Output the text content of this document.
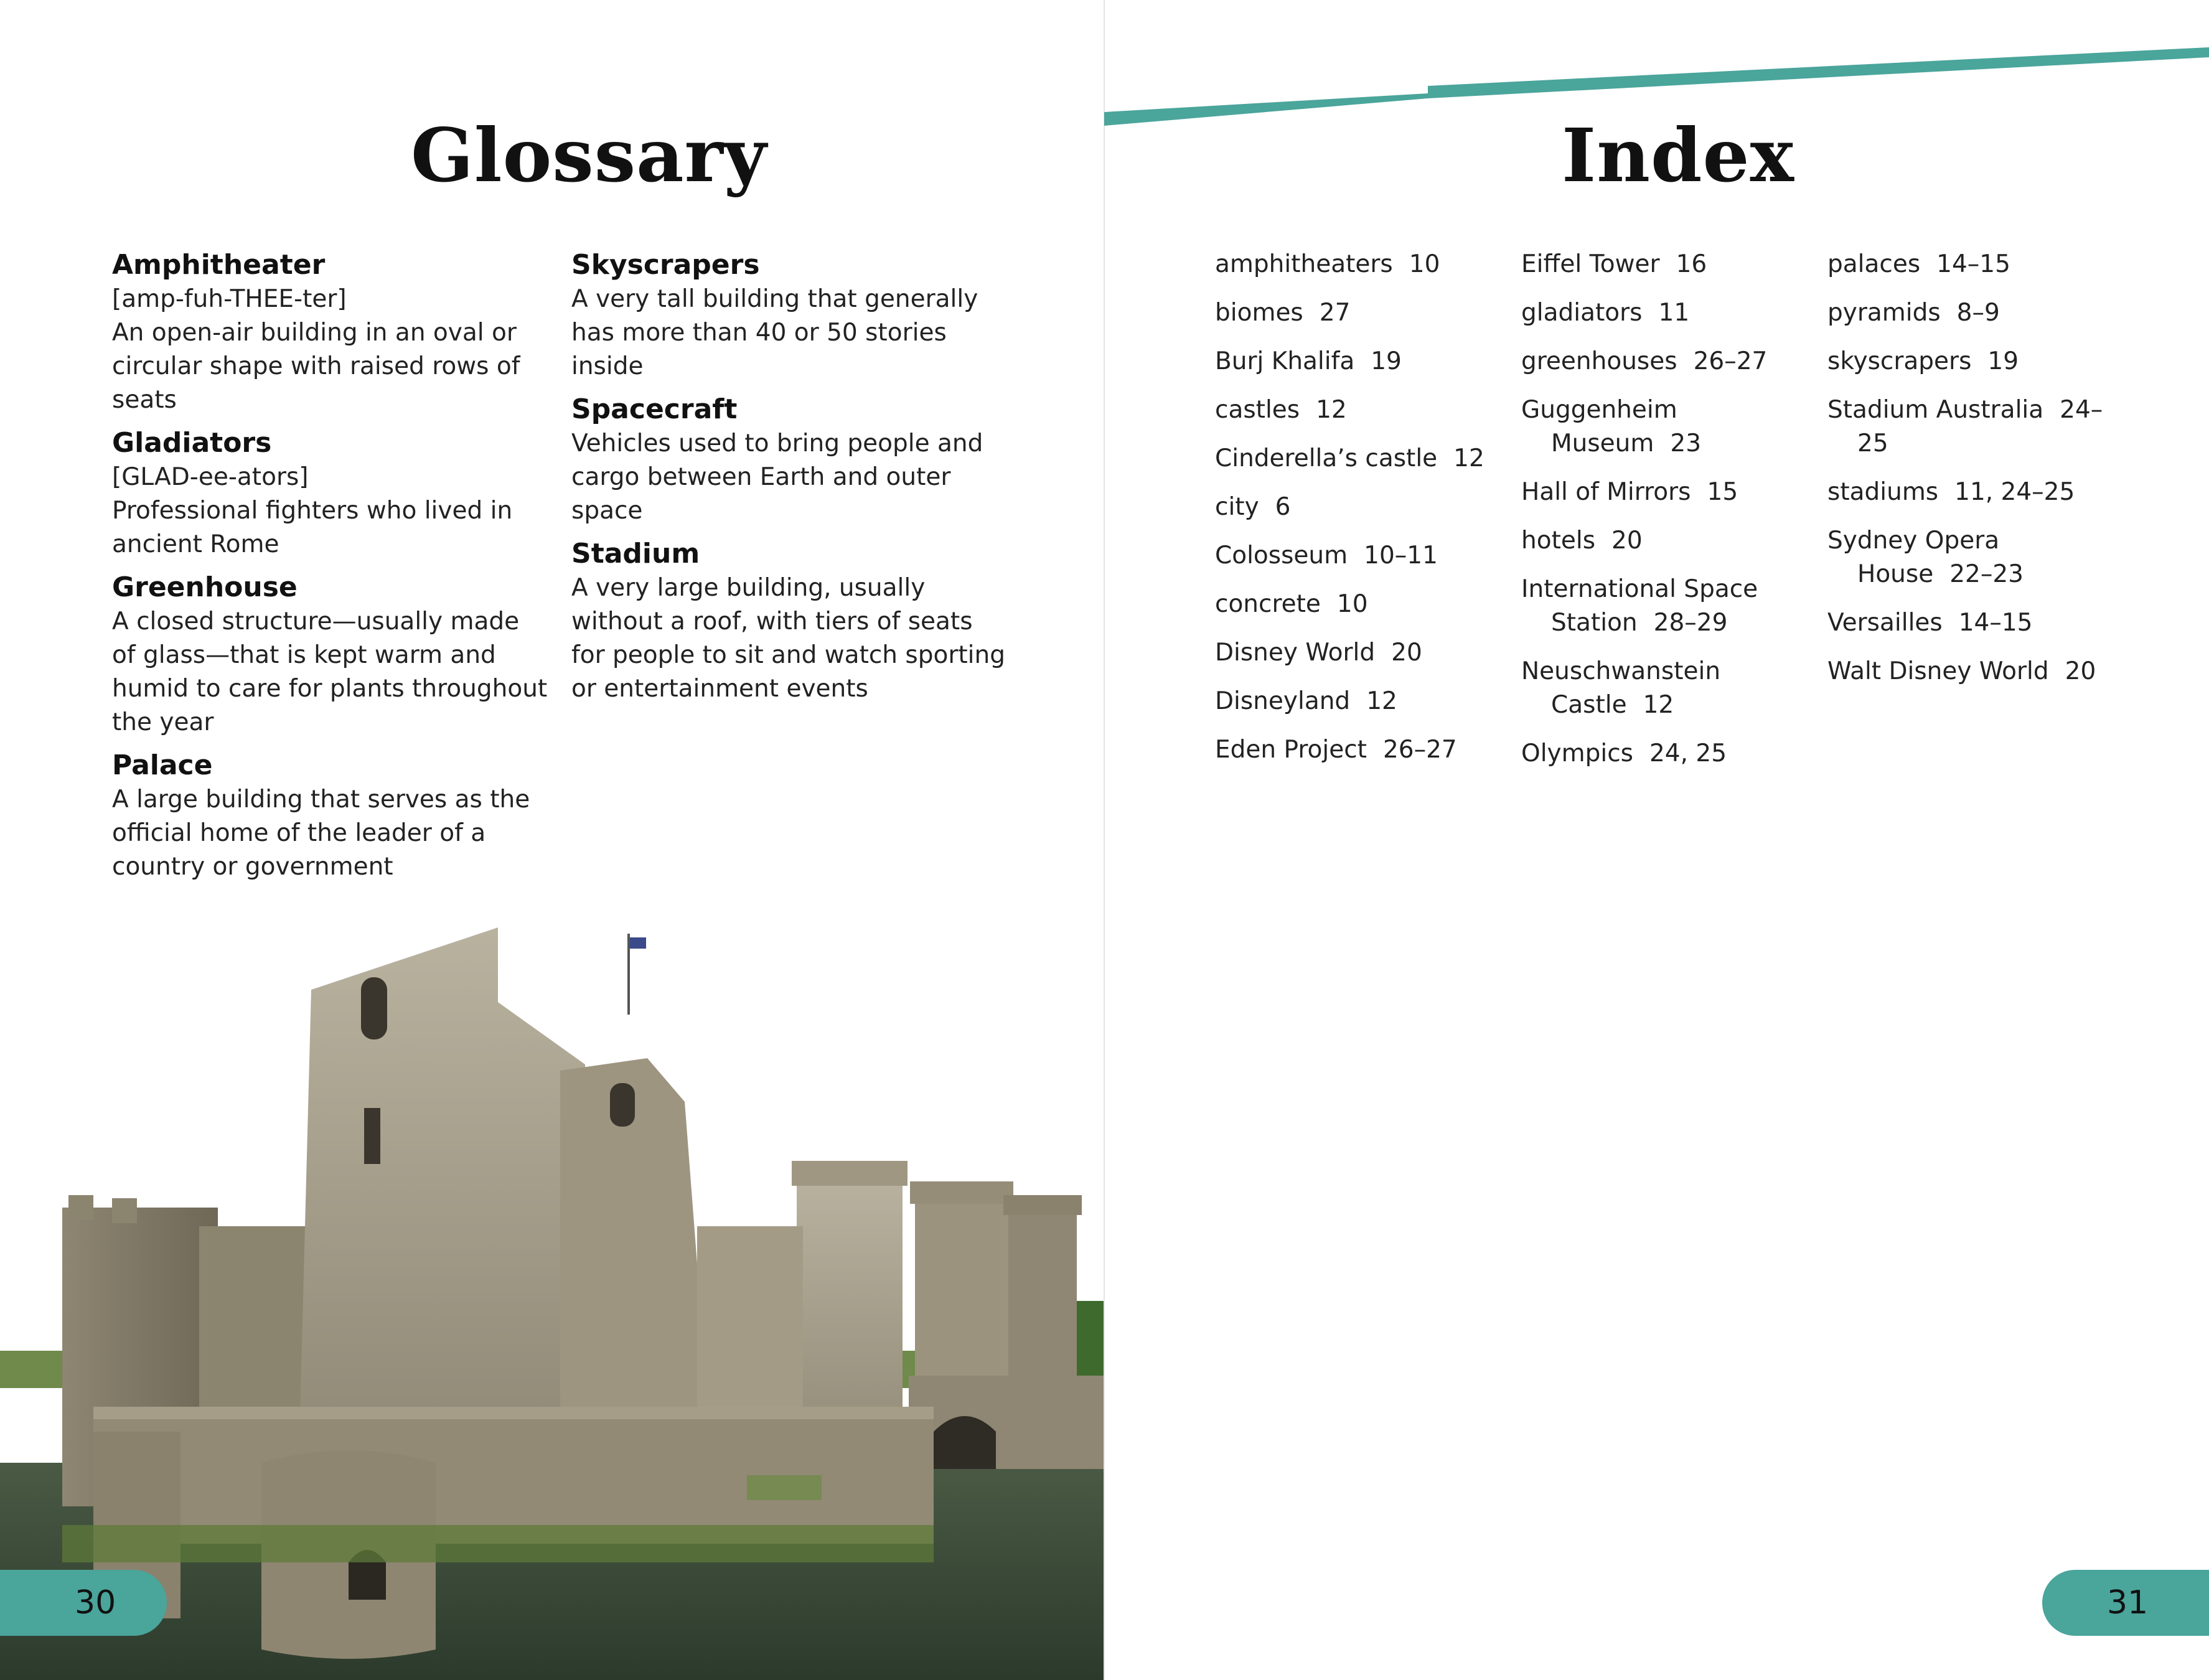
Glossary
Amphitheater
[amp-fuh-THEE-ter]
An open-air building in an oval or circular shape with raised rows of seats
Gladiators
[GLAD-ee-ators]
Professional fighters who lived in ancient Rome
Greenhouse
A closed structure—usually made of glass—that is kept warm and humid to care for plants throughout the year
Palace
A large building that serves as the official home of the leader of a country or government
Skyscrapers
A very tall building that generally has more than 40 or 50 stories inside
Spacecraft
Vehicles used to bring people and cargo between Earth and outer space
Stadium
A very large building, usually without a roof, with tiers of seats for people to sit and watch sporting or entertainment events
30
Index
amphitheaters 10
biomes 27
Burj Khalifa 19
castles 12
Cinderella’s castle 12
city 6
Colosseum 10–11
concrete 10
Disney World 20
Disneyland 12
Eden Project 26–27
Eiffel Tower 16
gladiators 11
greenhouses 26–27
Guggenheim Museum 23
Hall of Mirrors 15
hotels 20
International Space Station 28–29
Neuschwanstein Castle 12
Olympics 24, 25
palaces 14–15
pyramids 8–9
skyscrapers 19
Stadium Australia 24–25
stadiums 11, 24–25
Sydney Opera House 22–23
Versailles 14–15
Walt Disney World 20
31
